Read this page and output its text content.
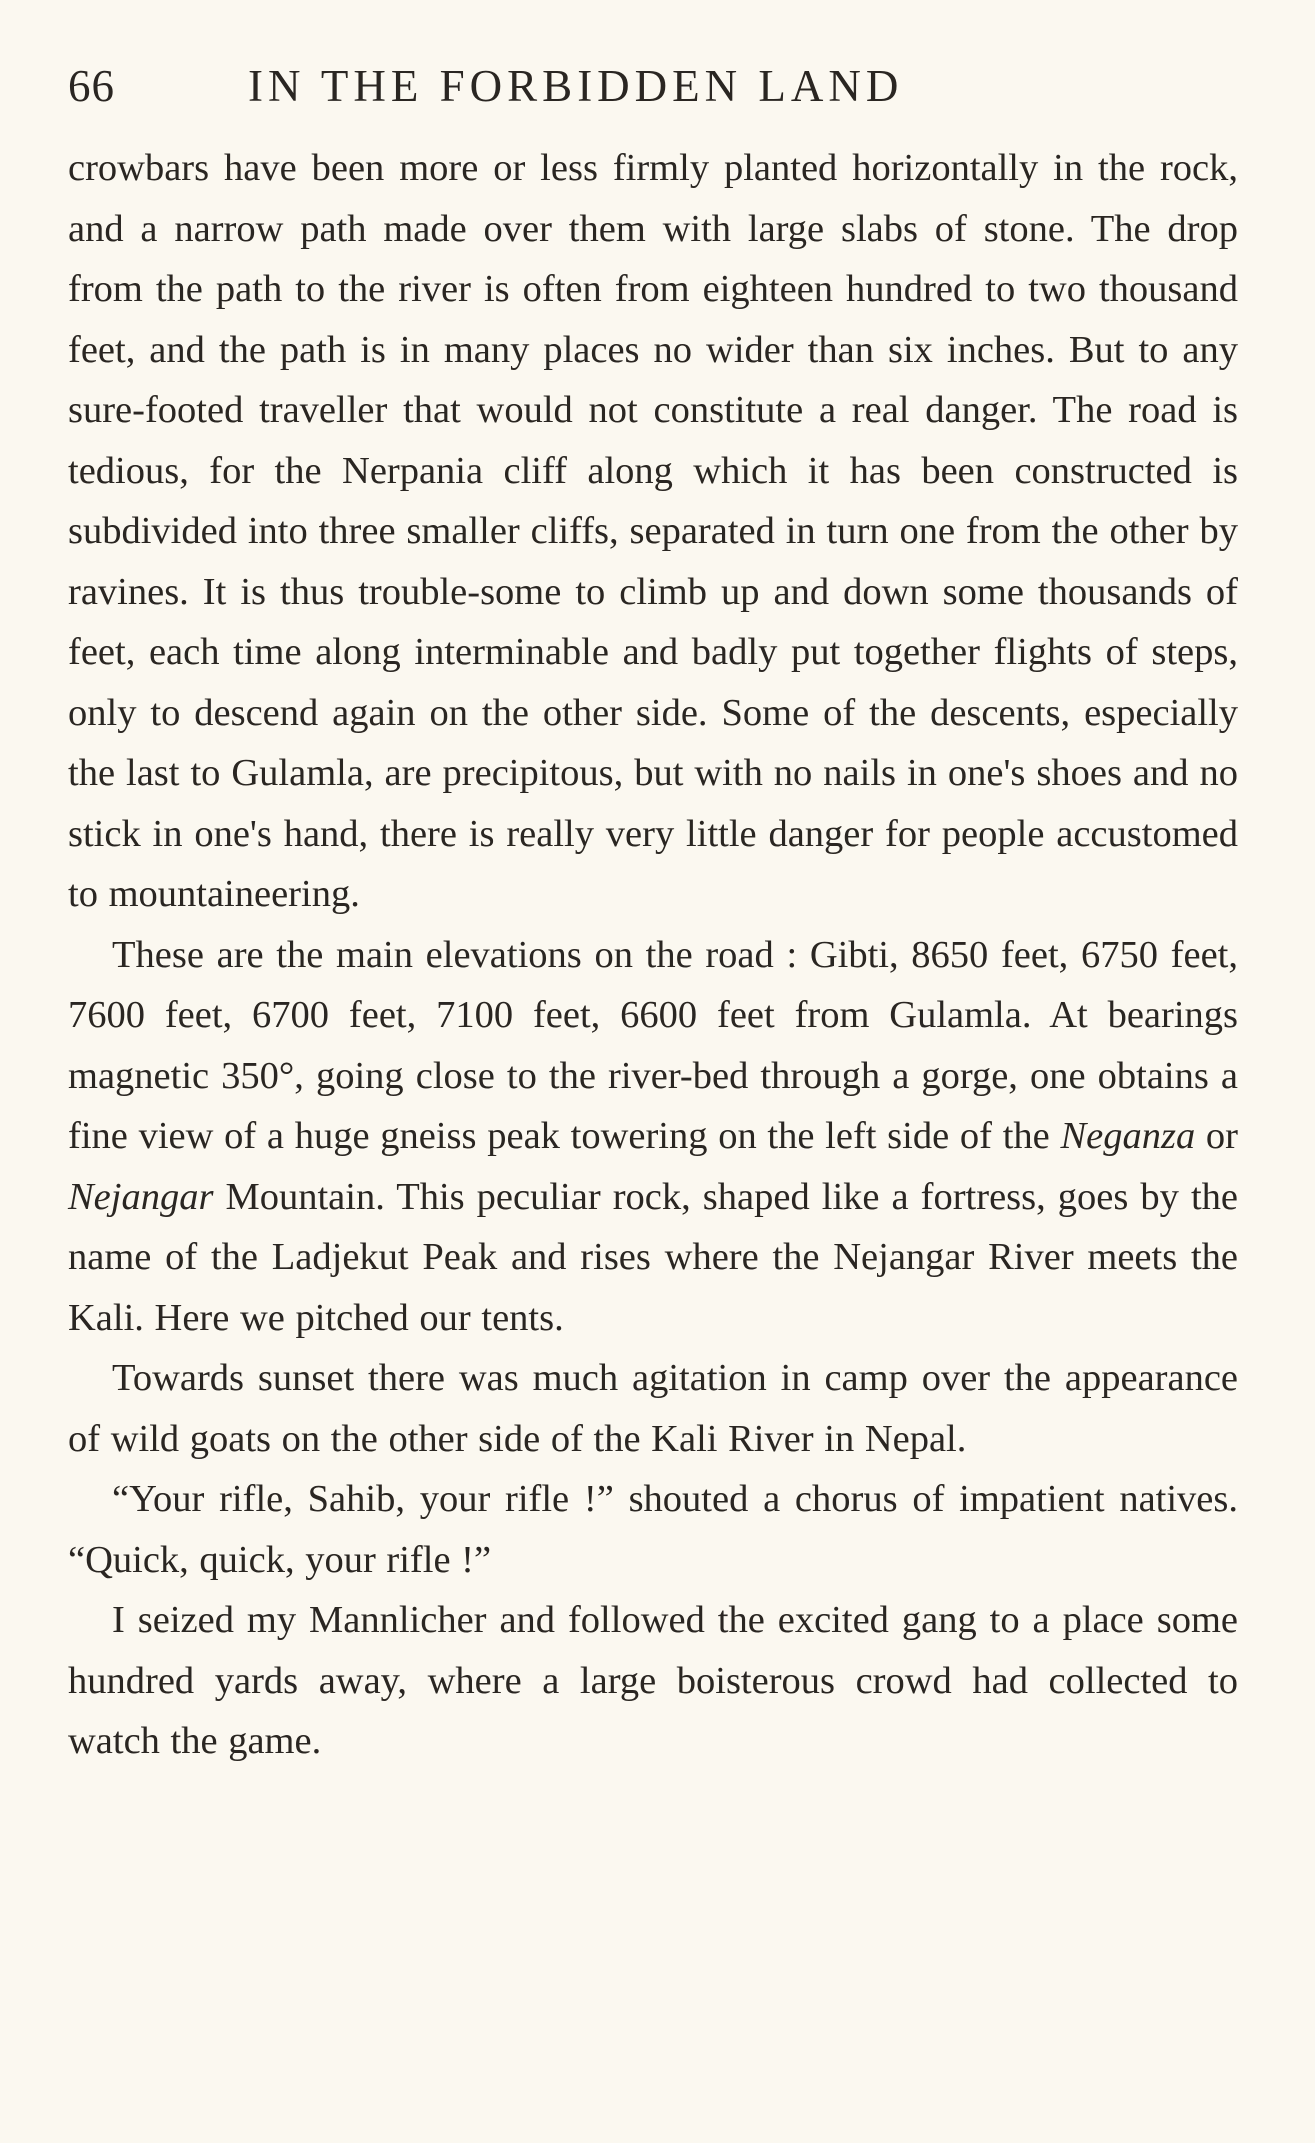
66	IN THE FORBIDDEN LAND

crowbars have been more or less firmly planted horizontally in the rock, and a narrow path made over them with large slabs of stone. The drop from the path to the river is often from eighteen hundred to two thousand feet, and the path is in many places no wider than six inches. But to any sure-footed traveller that would not constitute a real danger. The road is tedious, for the Nerpania cliff along which it has been constructed is subdivided into three smaller cliffs, separated in turn one from the other by ravines. It is thus trouble-some to climb up and down some thousands of feet, each time along interminable and badly put together flights of steps, only to descend again on the other side. Some of the descents, especially the last to Gulamla, are precipitous, but with no nails in one's shoes and no stick in one's hand, there is really very little danger for people accustomed to mountaineering.

These are the main elevations on the road : Gibti, 8650 feet, 6750 feet, 7600 feet, 6700 feet, 7100 feet, 6600 feet from Gulamla. At bearings magnetic 350°, going close to the river-bed through a gorge, one obtains a fine view of a huge gneiss peak towering on the left side of the Neganza or Nejangar Mountain. This peculiar rock, shaped like a fortress, goes by the name of the Ladjekut Peak and rises where the Nejangar River meets the Kali. Here we pitched our tents.

Towards sunset there was much agitation in camp over the appearance of wild goats on the other side of the Kali River in Nepal.

“Your rifle, Sahib, your rifle !” shouted a chorus of impatient natives. “Quick, quick, your rifle !”

I seized my Mannlicher and followed the excited gang to a place some hundred yards away, where a large boisterous crowd had collected to watch the game.
